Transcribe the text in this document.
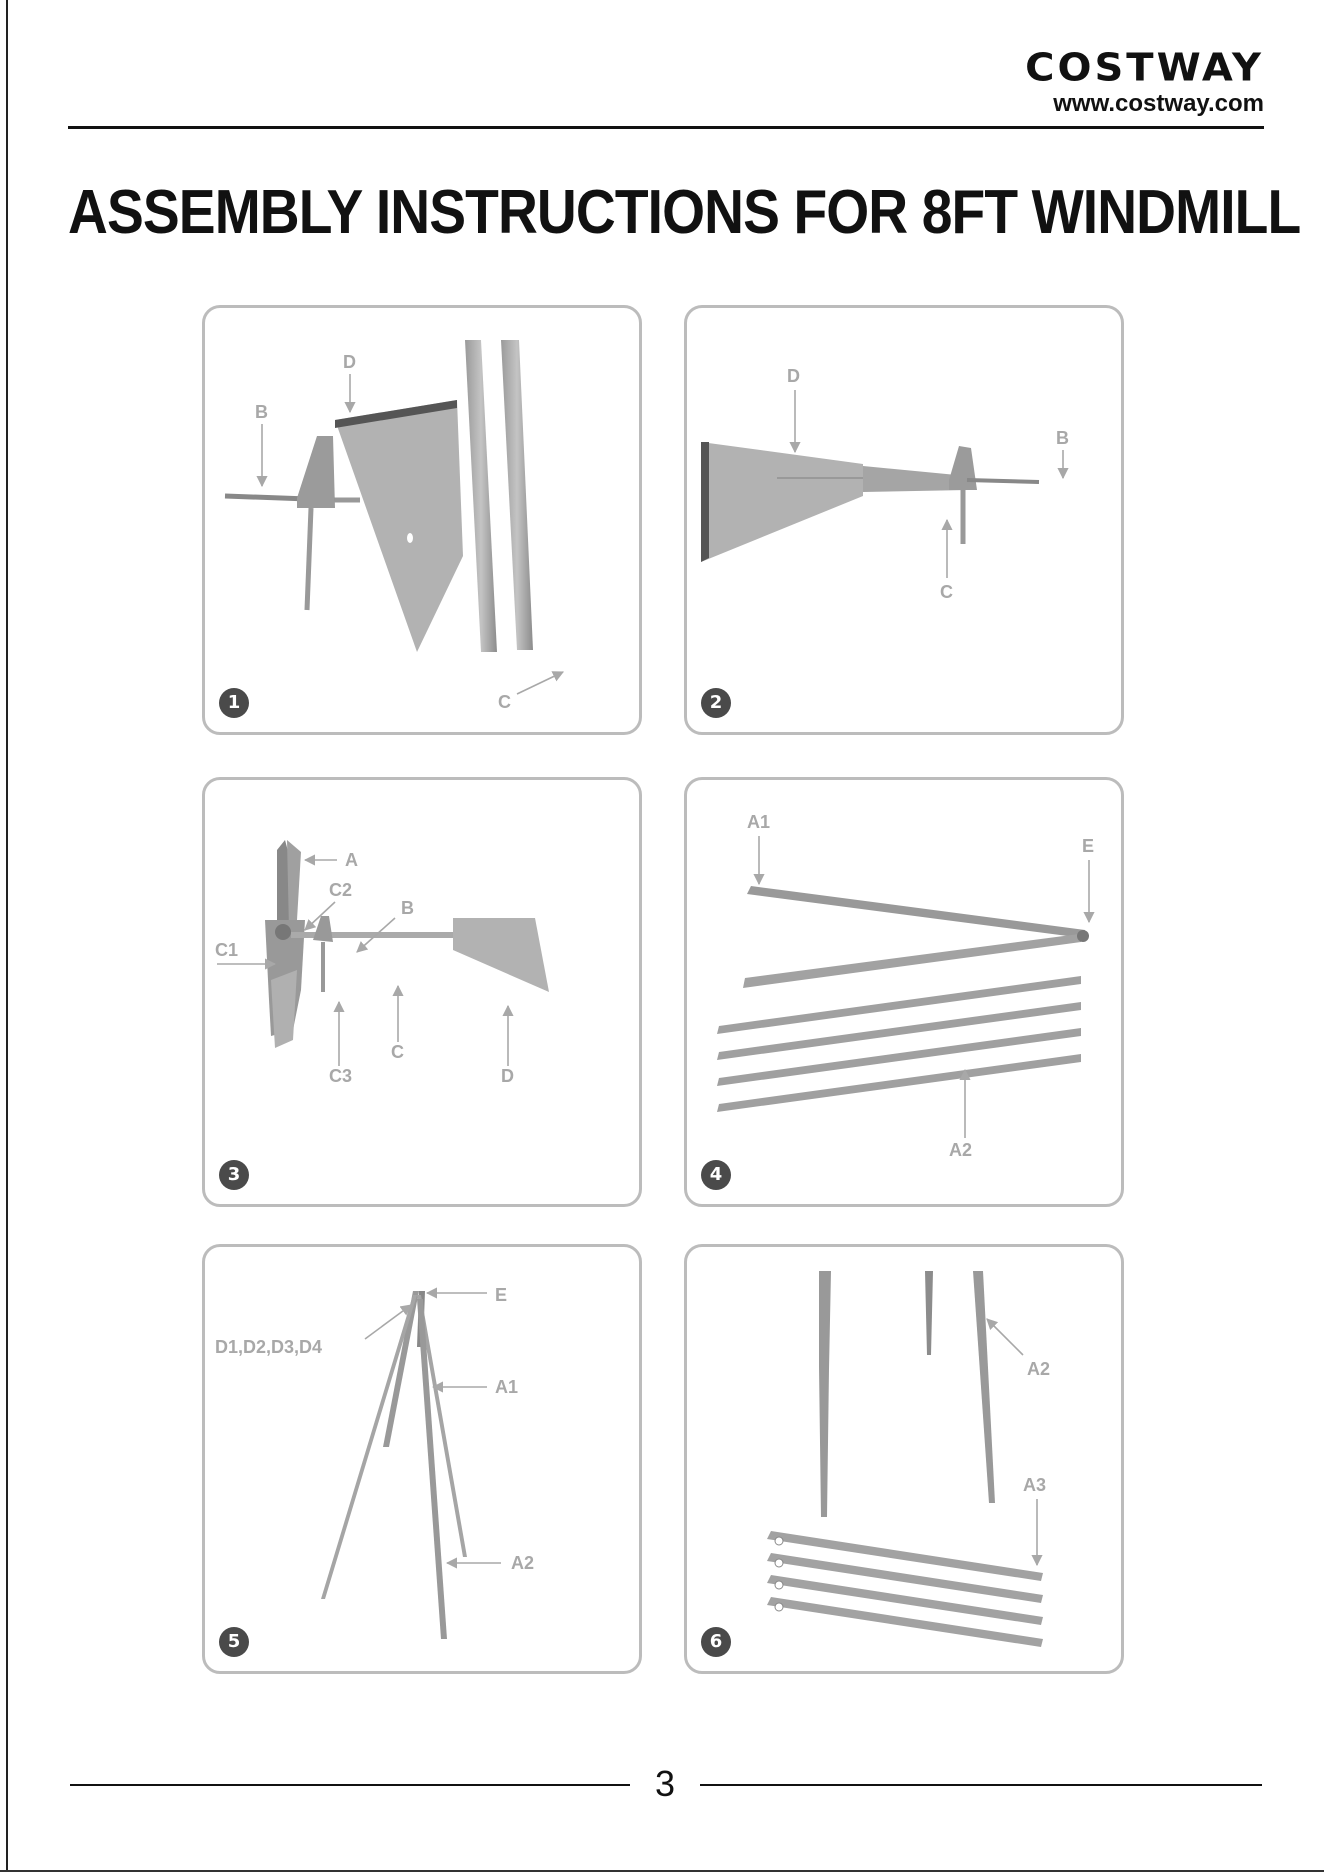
COSTWAY
www.costway.com
ASSEMBLY INSTRUCTIONS FOR 8FT WINDMILL
D
B
C
1
D
B
C
2
A
C2
B
C1
C
C3	D
3
A1
E
A2
4
E
D1,D2,D3,D4
A1
A2
5
A2
A3
6
3
